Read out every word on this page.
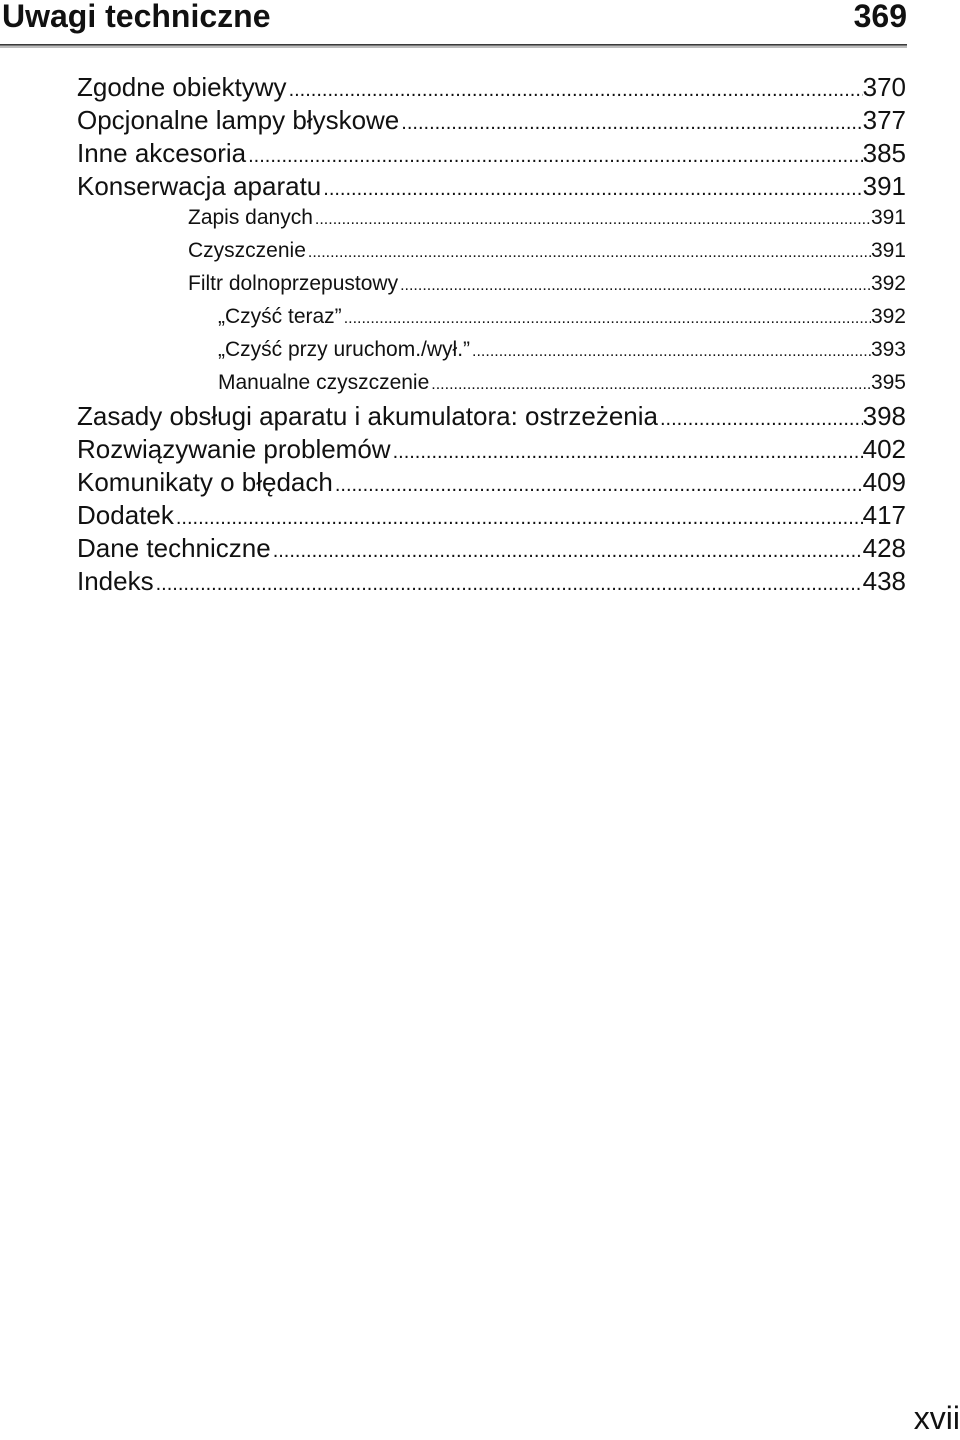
Uwagi techniczne	369
Zgodne obiektywy .....	370
Opcjonalne lampy błyskowe .....	377
Inne akcesoria .....	385
Konserwacja aparatu .....	391
Zapis danych .....	391
Czyszczenie .....	391
Filtr dolnoprzepustowy .....	392
„Czyść teraz” .....	392
„Czyść przy uruchom./wył.” .....	393
Manualne czyszczenie .....	395
Zasady obsługi aparatu i akumulatora: ostrzeżenia .....	398
Rozwiązywanie problemów .....	402
Komunikaty o błędach .....	409
Dodatek .....	417
Dane techniczne .....	428
Indeks .....	438
xvii
